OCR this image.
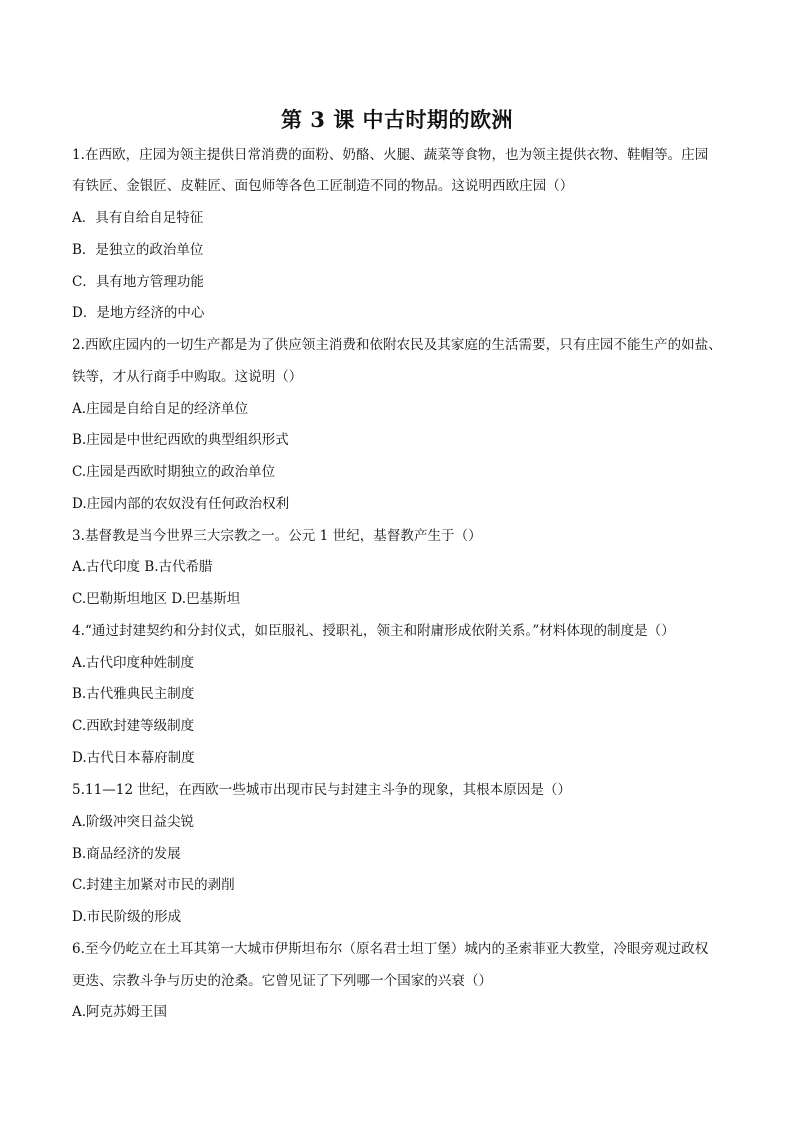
第 3 课 中古时期的欧洲
1.在西欧，庄园为领主提供日常消费的面粉、奶酪、火腿、蔬菜等食物，也为领主提供衣物、鞋帽等。庄园
有铁匠、金银匠、皮鞋匠、面包师等各色工匠制造不同的物品。这说明西欧庄园（）
A．具有自给自足特征
B．是独立的政治单位
C．具有地方管理功能
D．是地方经济的中心
2.西欧庄园内的一切生产都是为了供应领主消费和依附农民及其家庭的生活需要，只有庄园不能生产的如盐、
铁等，才从行商手中购取。这说明（）
A.庄园是自给自足的经济单位
B.庄园是中世纪西欧的典型组织形式
C.庄园是西欧时期独立的政治单位
D.庄园内部的农奴没有任何政治权利
3.基督教是当今世界三大宗教之一。公元 1 世纪，基督教产生于（）
A.古代印度 B.古代希腊
C.巴勒斯坦地区 D.巴基斯坦
4.“通过封建契约和分封仪式，如臣服礼、授职礼，领主和附庸形成依附关系。”材料体现的制度是（）
A.古代印度种姓制度
B.古代雅典民主制度
C.西欧封建等级制度
D.古代日本幕府制度
5.11—12 世纪，在西欧一些城市出现市民与封建主斗争的现象，其根本原因是（）
A.阶级冲突日益尖锐
B.商品经济的发展
C.封建主加紧对市民的剥削
D.市民阶级的形成
6.至今仍屹立在土耳其第一大城市伊斯坦布尔（原名君士坦丁堡）城内的圣索菲亚大教堂，冷眼旁观过政权
更迭、宗教斗争与历史的沧桑。它曾见证了下列哪一个国家的兴衰（）
A.阿克苏姆王国
